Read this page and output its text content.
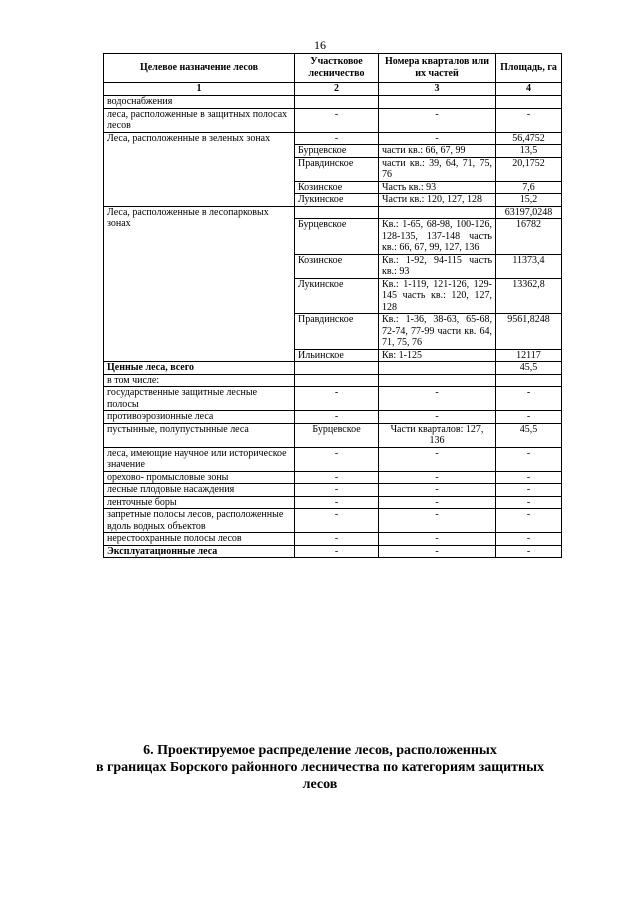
16
Целевое назначение лесов	Участковое лесничество	Номера кварталов или их частей	Площадь, га
1	2	3	4
водоснабжения			
леса, расположенные в защитных полосах лесов	-	-	-
Леса, расположенные в зеленых зонах	-	-	56,4752
	Бурцевское	части кв.: 66, 67, 99	13,5
	Правдинское	части кв.: 39, 64, 71, 75, 76	20,1752
	Козинское	Часть кв.: 93	7,6
	Лукинское	Части кв.: 120, 127, 128	15,2
Леса, расположенные в лесопарковых зонах			63197,0248
	Бурцевское	Кв.: 1-65, 68-98, 100-126, 128-135, 137-148 часть кв.: 66, 67, 99, 127, 136	16782
	Козинское	Кв.: 1-92, 94-115 часть кв.: 93	11373,4
	Лукинское	Кв.: 1-119, 121-126, 129-145 часть кв.: 120, 127, 128	13362,8
	Правдинское	Кв.: 1-36, 38-63, 65-68, 72-74, 77-99 части кв. 64, 71, 75, 76	9561,8248
	Ильинское	Кв: 1-125	12117
Ценные леса, всего			45,5
в том числе:			
государственные защитные лесные полосы	-	-	-
противоэрозионные леса	-	-	-
пустынные, полупустынные леса	Бурцевское	Части кварталов: 127, 136	45,5
леса, имеющие научное или историческое значение	-	-	-
орехово- промысловые зоны	-	-	-
лесные плодовые насаждения	-	-	-
ленточные боры	-	-	-
запретные полосы лесов, расположенные вдоль водных объектов	-	-	-
нерестоохранные полосы лесов	-	-	-
Эксплуатационные леса	-	-	-
6. Проектируемое распределение лесов, расположенных
в границах Борского районного лесничества по категориям защитных
лесов
